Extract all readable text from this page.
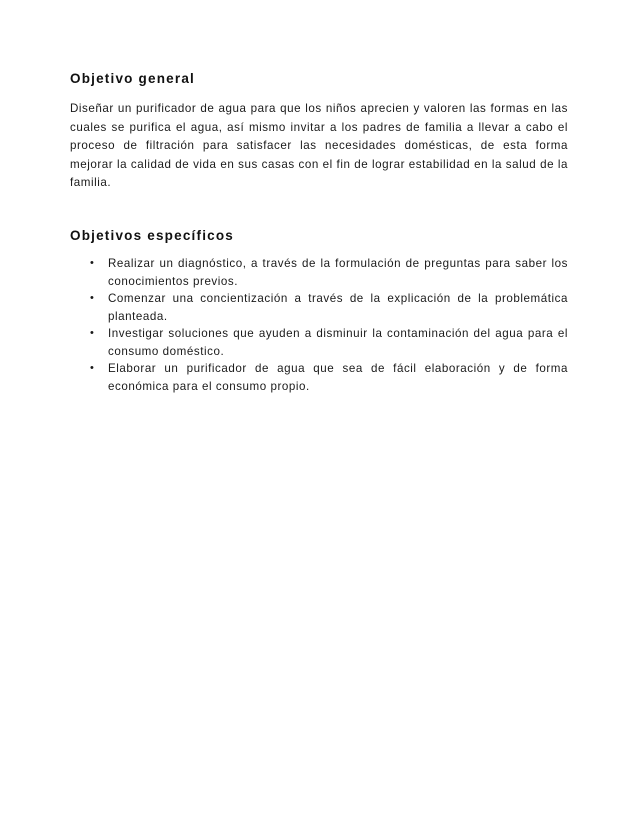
Objetivo general

Diseñar un purificador de agua para que los niños aprecien y valoren las formas en las cuales se purifica el agua, así mismo invitar a los padres de familia a llevar a cabo el proceso de filtración para satisfacer las necesidades domésticas, de esta forma mejorar la calidad de vida en sus casas con el fin de lograr estabilidad en la salud de la familia.

Objetivos específicos
• Realizar un diagnóstico, a través de la formulación de preguntas para saber los conocimientos previos.
• Comenzar una concientización a través de la explicación de la problemática planteada.
• Investigar soluciones que ayuden a disminuir la contaminación del agua para el consumo doméstico.
• Elaborar un purificador de agua que sea de fácil elaboración y de forma económica para el consumo propio.
